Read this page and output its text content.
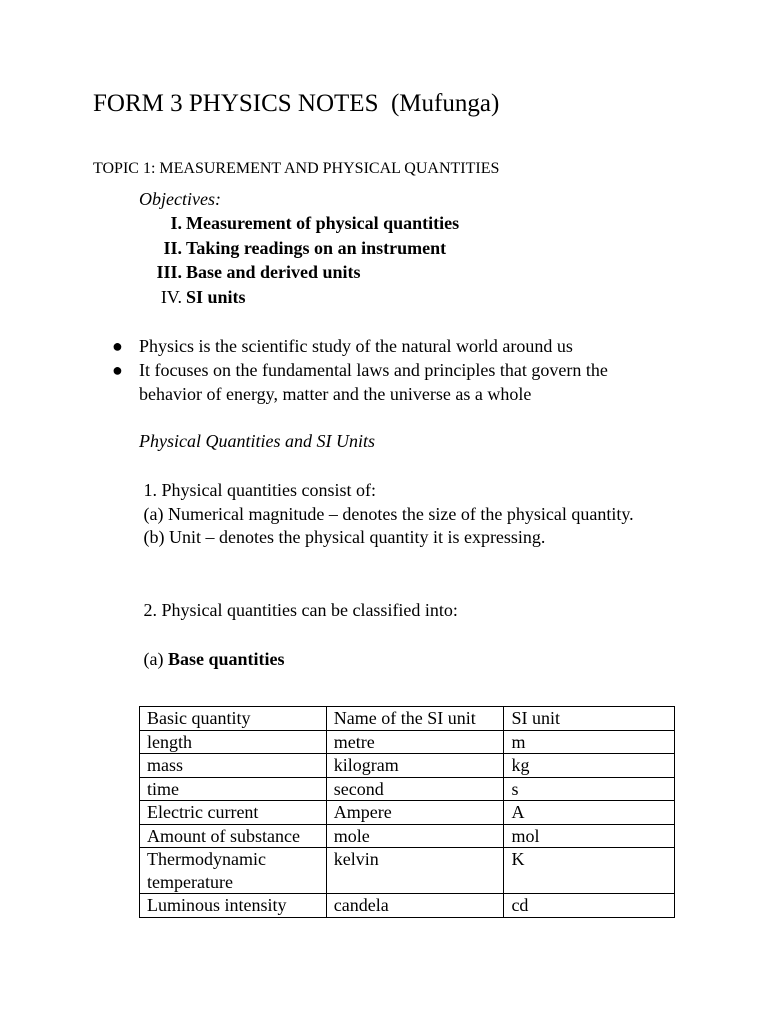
FORM 3 PHYSICS NOTES  (Mufunga)
TOPIC 1: MEASUREMENT AND PHYSICAL QUANTITIES
Objectives:
I. Measurement of physical quantities
II. Taking readings on an instrument
III. Base and derived units
IV. SI units
● Physics is the scientific study of the natural world around us
● It focuses on the fundamental laws and principles that govern the behavior of energy, matter and the universe as a whole
Physical Quantities and SI Units
1. Physical quantities consist of:
(a) Numerical magnitude – denotes the size of the physical quantity.
(b) Unit – denotes the physical quantity it is expressing.
2. Physical quantities can be classified into:
(a) Base quantities
Basic quantity	Name of the SI unit	SI unit
length	metre	m
mass	kilogram	kg
time	second	s
Electric current	Ampere	A
Amount of substance	mole	mol
Thermodynamic temperature	kelvin	K
Luminous intensity	candela	cd
